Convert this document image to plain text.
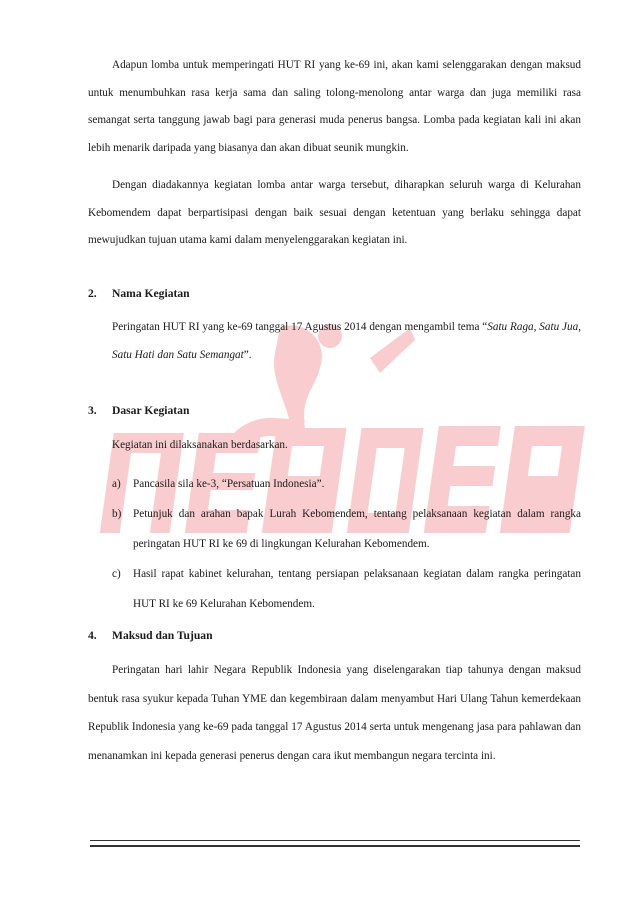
Adapun lomba untuk memperingati HUT RI yang ke-69 ini, akan kami selenggarakan dengan maksud untuk menumbuhkan rasa kerja sama dan saling tolong-menolong antar warga dan juga memiliki rasa semangat serta tanggung jawab bagi para generasi muda penerus bangsa. Lomba pada kegiatan kali ini akan lebih menarik daripada yang biasanya dan akan dibuat seunik mungkin.

Dengan diadakannya kegiatan lomba antar warga tersebut, diharapkan seluruh warga di Kelurahan Kebomendem dapat berpartisipasi dengan baik sesuai dengan ketentuan yang berlaku sehingga dapat mewujudkan tujuan utama kami dalam menyelenggarakan kegiatan ini.

2. Nama Kegiatan

Peringatan HUT RI yang ke-69 tanggal 17 Agustus 2014 dengan mengambil tema “Satu Raga, Satu Jua, Satu Hati dan Satu Semangat”.

3. Dasar Kegiatan

Kegiatan ini dilaksanakan berdasarkan.

a) Pancasila sila ke-3, “Persatuan Indonesia”.

b) Petunjuk dan arahan bapak Lurah Kebomendem, tentang pelaksanaan kegiatan dalam rangka peringatan HUT RI ke 69 di lingkungan Kelurahan Kebomendem.

c) Hasil rapat kabinet kelurahan, tentang persiapan pelaksanaan kegiatan dalam rangka peringatan HUT RI ke 69 Kelurahan Kebomendem.

4. Maksud dan Tujuan

Peringatan hari lahir Negara Republik Indonesia yang diselengarakan tiap tahunya dengan maksud bentuk rasa syukur kepada Tuhan YME dan kegembiraan dalam menyambut Hari Ulang Tahun kemerdekaan Republik Indonesia yang ke-69 pada tanggal 17 Agustus 2014 serta untuk mengenang jasa para pahlawan dan menanamkan ini kepada generasi penerus dengan cara ikut membangun negara tercinta ini.
